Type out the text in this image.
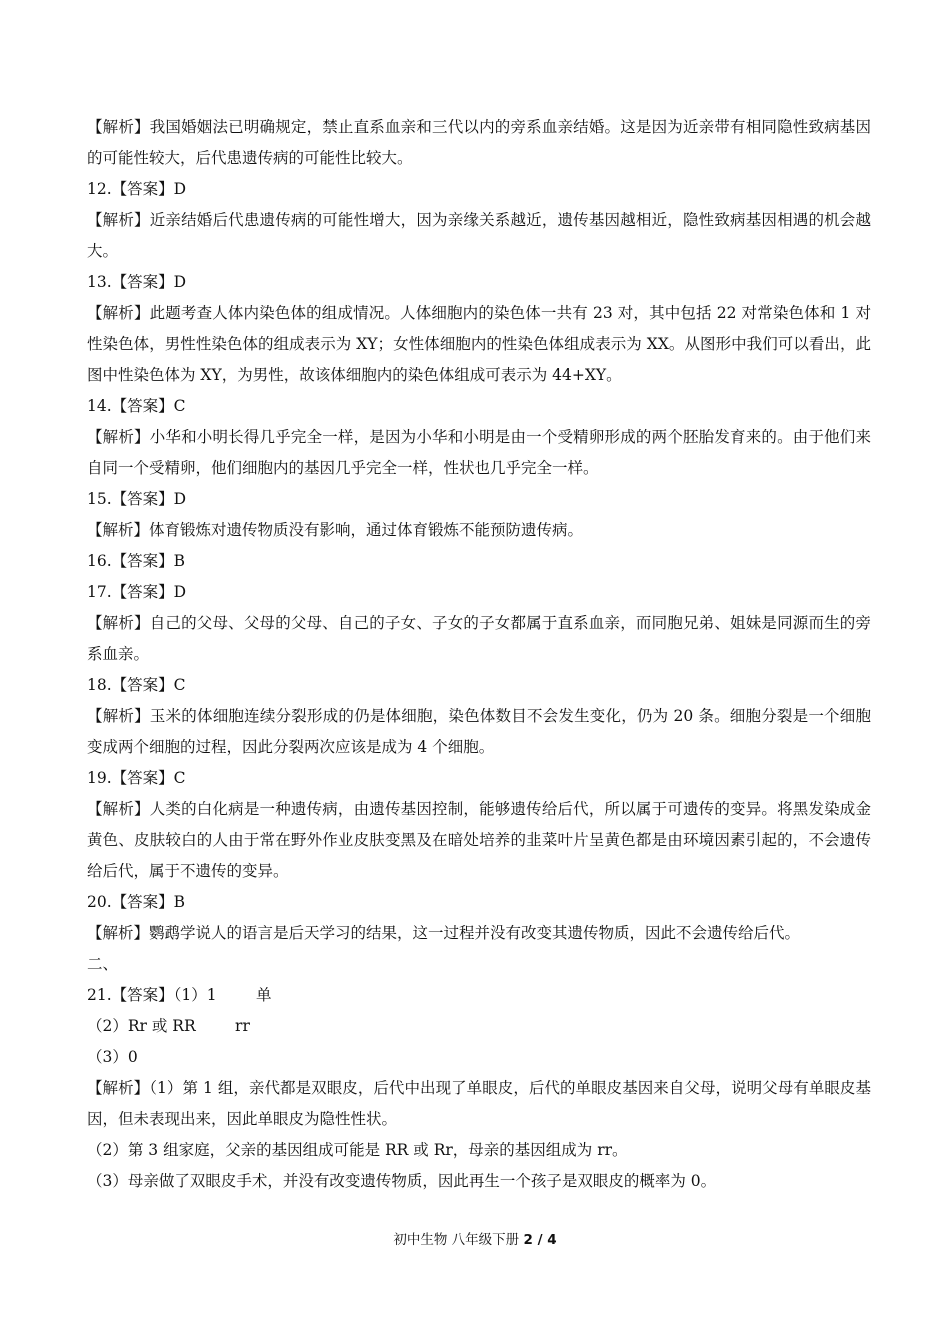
【解析】我国婚姻法已明确规定，禁止直系血亲和三代以内的旁系血亲结婚。这是因为近亲带有相同隐性致病基因的可能性较大，后代患遗传病的可能性比较大。
12.【答案】D
【解析】近亲结婚后代患遗传病的可能性增大，因为亲缘关系越近，遗传基因越相近，隐性致病基因相遇的机会越大。
13.【答案】D
【解析】此题考查人体内染色体的组成情况。人体细胞内的染色体一共有 23 对，其中包括 22 对常染色体和 1 对性染色体，男性性染色体的组成表示为 XY；女性体细胞内的性染色体组成表示为 XX。从图形中我们可以看出，此图中性染色体为 XY，为男性，故该体细胞内的染色体组成可表示为 44+XY。
14.【答案】C
【解析】小华和小明长得几乎完全一样，是因为小华和小明是由一个受精卵形成的两个胚胎发育来的。由于他们来自同一个受精卵，他们细胞内的基因几乎完全一样，性状也几乎完全一样。
15.【答案】D
【解析】体育锻炼对遗传物质没有影响，通过体育锻炼不能预防遗传病。
16.【答案】B
17.【答案】D
【解析】自己的父母、父母的父母、自己的子女、子女的子女都属于直系血亲，而同胞兄弟、姐妹是同源而生的旁系血亲。
18.【答案】C
【解析】玉米的体细胞连续分裂形成的仍是体细胞，染色体数目不会发生变化，仍为 20 条。细胞分裂是一个细胞变成两个细胞的过程，因此分裂两次应该是成为 4 个细胞。
19.【答案】C
【解析】人类的白化病是一种遗传病，由遗传基因控制，能够遗传给后代，所以属于可遗传的变异。将黑发染成金黄色、皮肤较白的人由于常在野外作业皮肤变黑及在暗处培养的韭菜叶片呈黄色都是由环境因素引起的，不会遗传给后代，属于不遗传的变异。
20.【答案】B
【解析】鹦鹉学说人的语言是后天学习的结果，这一过程并没有改变其遗传物质，因此不会遗传给后代。
二、
21.【答案】（1）1        单
（2）Rr 或 RR        rr
（3）0
【解析】（1）第 1 组，亲代都是双眼皮，后代中出现了单眼皮，后代的单眼皮基因来自父母，说明父母有单眼皮基因，但未表现出来，因此单眼皮为隐性性状。
（2）第 3 组家庭，父亲的基因组成可能是 RR 或 Rr，母亲的基因组成为 rr。
（3）母亲做了双眼皮手术，并没有改变遗传物质，因此再生一个孩子是双眼皮的概率为 0。
初中生物 八年级下册 2 / 4
